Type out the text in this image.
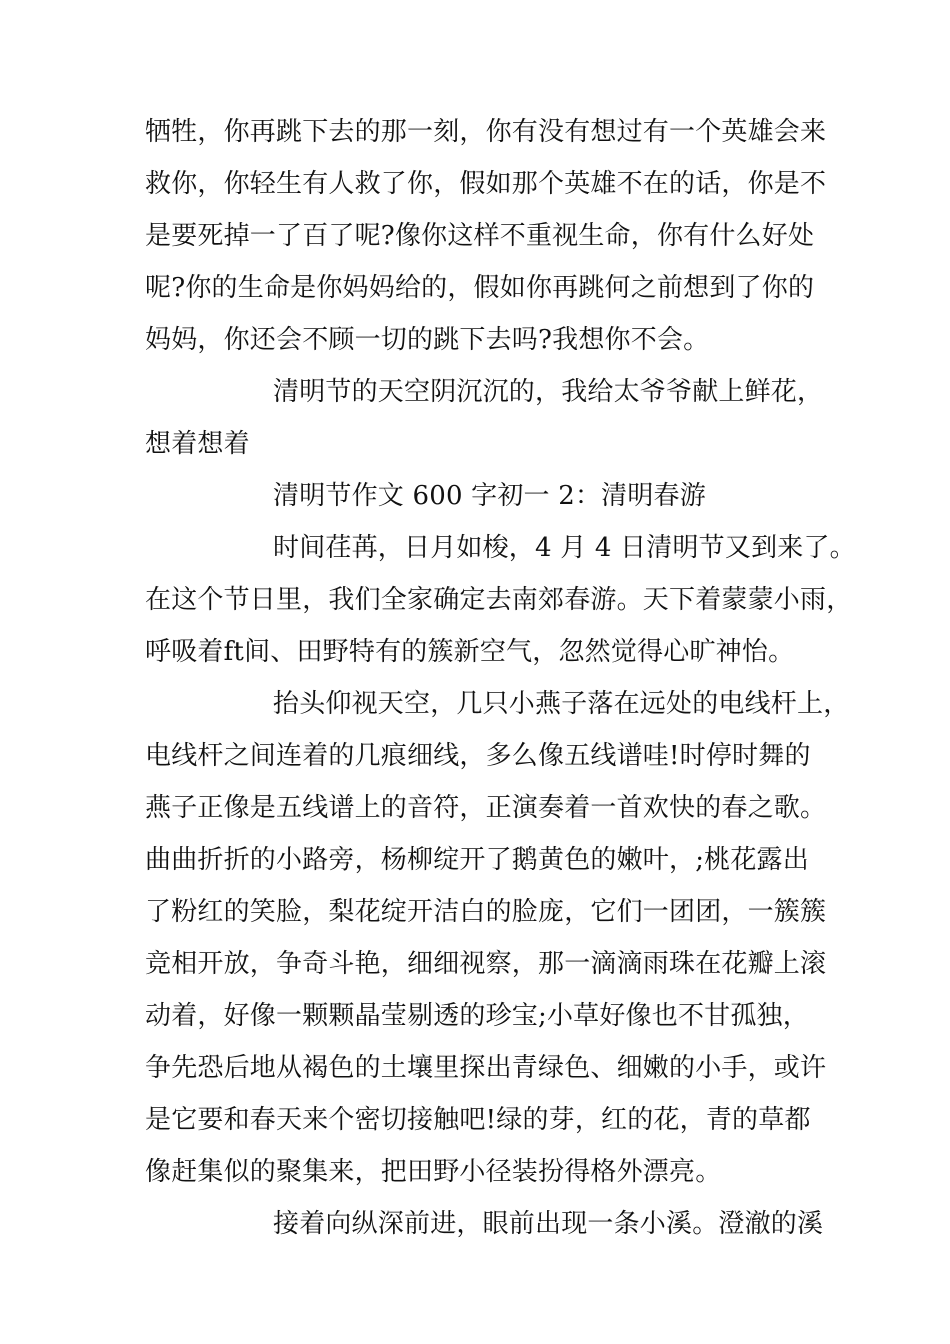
牺牲，你再跳下去的那一刻，你有没有想过有一个英雄会来
救你，你轻生有人救了你，假如那个英雄不在的话，你是不
是要死掉一了百了呢?像你这样不重视生命，你有什么好处
呢?你的生命是你妈妈给的，假如你再跳何之前想到了你的
妈妈，你还会不顾一切的跳下去吗?我想你不会。
清明节的天空阴沉沉的，我给太爷爷献上鲜花，
想着想着
清明节作文 600 字初一 2：清明春游
时间荏苒，日月如梭，4 月 4 日清明节又到来了。
在这个节日里，我们全家确定去南郊春游。天下着蒙蒙小雨，
呼吸着ft间、田野特有的簇新空气，忽然觉得心旷神怡。
抬头仰视天空，几只小燕子落在远处的电线杆上，
电线杆之间连着的几痕细线，多么像五线谱哇!时停时舞的
燕子正像是五线谱上的音符，正演奏着一首欢快的春之歌。
曲曲折折的小路旁，杨柳绽开了鹅黄色的嫩叶，;桃花露出
了粉红的笑脸，梨花绽开洁白的脸庞，它们一团团，一簇簇
竞相开放，争奇斗艳，细细视察，那一滴滴雨珠在花瓣上滚
动着，好像一颗颗晶莹剔透的珍宝;小草好像也不甘孤独，
争先恐后地从褐色的土壤里探出青绿色、细嫩的小手，或许
是它要和春天来个密切接触吧!绿的芽，红的花，青的草都
像赶集似的聚集来，把田野小径装扮得格外漂亮。
接着向纵深前进，眼前出现一条小溪。澄澈的溪
